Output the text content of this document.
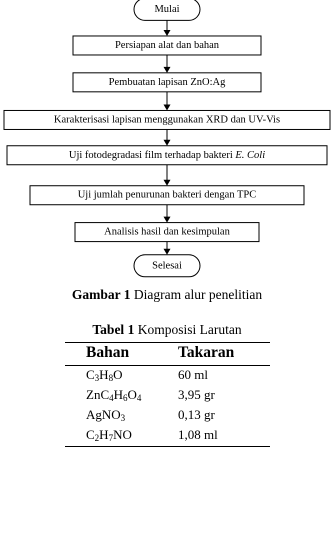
Mulai
Persiapan alat dan bahan
Pembuatan lapisan ZnO:Ag
Karakterisasi lapisan menggunakan XRD dan UV-Vis
Uji fotodegradasi film terhadap bakteri E. Coli
Uji jumlah penurunan bakteri dengan TPC
Analisis hasil dan kesimpulan
Selesai
Gambar 1 Diagram alur penelitian
Tabel 1 Komposisi Larutan
Bahan	Takaran
$C_3H_8O$	60 ml
$ZnC_4H_6O_4$	3,95 gr
AgNO$_3$	0,13 gr
$C_2H_7NO$	1,08 ml
